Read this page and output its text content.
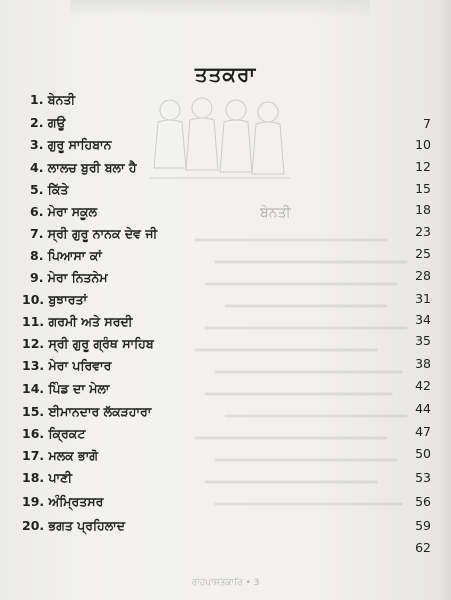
ਤਤਕਰਾ
ਬੇਨਤੀ
1. ਬੇਨਤੀ
2. ਗਊ	7
3. ਗੁਰੂ ਸਾਹਿਬਾਨ	10
4. ਲਾਲਚ ਬੁਰੀ ਬਲਾ ਹੈ	12
5. ਕਿੱਤੇ	15
6. ਮੇਰਾ ਸਕੂਲ	18
7. ਸ੍ਰੀ ਗੁਰੂ ਨਾਨਕ ਦੇਵ ਜੀ	23
8. ਪਿਆਸਾ ਕਾਂ	25
9. ਮੇਰਾ ਨਿਤਨੇਮ	28
10. ਬੁਝਾਰਤਾਂ	31
11. ਗਰਮੀ ਅਤੇ ਸਰਦੀ	34
12. ਸ੍ਰੀ ਗੁਰੂ ਗ੍ਰੰਥ ਸਾਹਿਬ	35
13. ਮੇਰਾ ਪਰਿਵਾਰ	38
14. ਪਿੰਡ ਦਾ ਮੇਲਾ	42
15. ਈਮਾਨਦਾਰ ਲੱਕੜਹਾਰਾ	44
16. ਕ੍ਰਿਕਟ	47
17. ਮਲਕ ਭਾਗੋ	50
18. ਪਾਣੀ	53
19. ਅੰਮ੍ਰਿਤਸਰ	56
20. ਭਗਤ ਪ੍ਰਹਿਲਾਦ	59
62
ਰਾਹਪਾਸਤਕਾਰਿ • 3
